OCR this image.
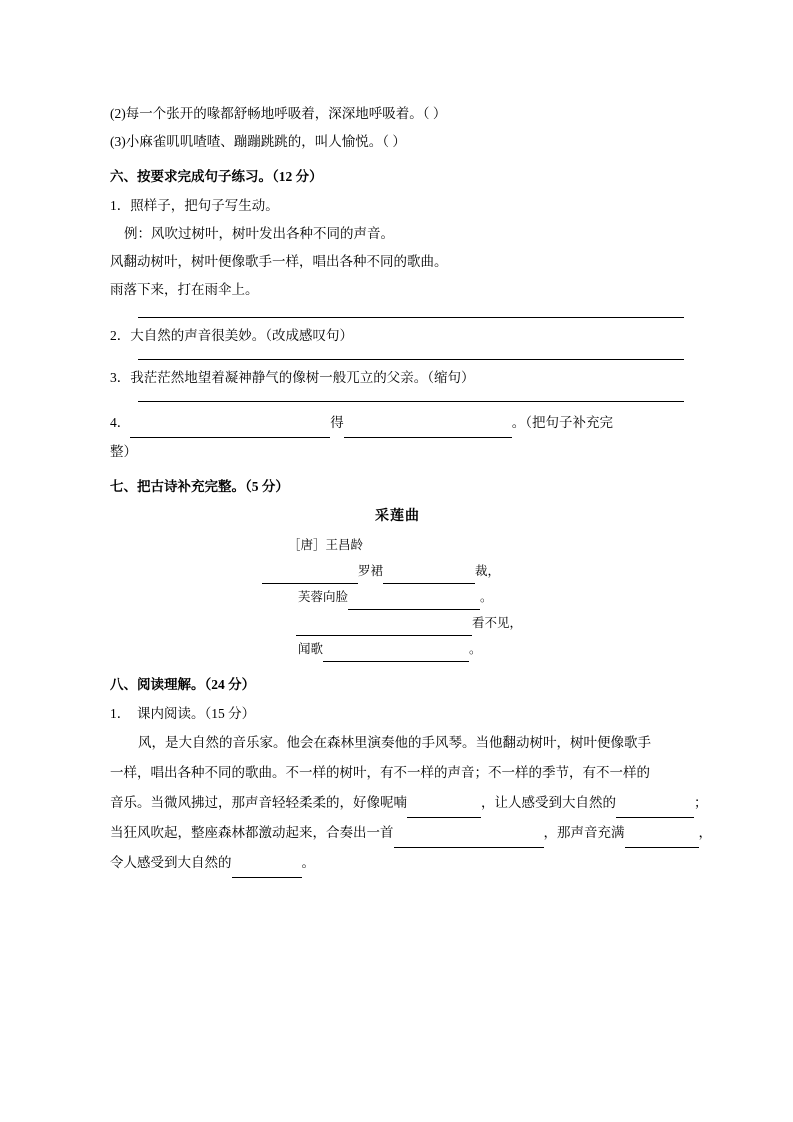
(2)每一个张开的喙都舒畅地呼吸着，深深地呼吸着。（ ）
(3)小麻雀叽叽喳喳、蹦蹦跳跳的，叫人愉悦。（ ）
六、按要求完成句子练习。（12 分）
1．照样子，把句子写生动。
例：风吹过树叶，树叶发出各种不同的声音。
风翻动树叶，树叶便像歌手一样，唱出各种不同的歌曲。
雨落下来，打在雨伞上。
2．大自然的声音很美妙。（改成感叹句）
3．我茫茫然地望着凝神静气的像树一般兀立的父亲。（缩句）
4．	得	。（把句子补充完
整）
七、把古诗补充完整。（5 分）
采莲曲
［唐］王昌龄
罗裙	裁，
芙蓉向脸	。
看不见，
闻歌	。
八、阅读理解。（24 分）
1．　课内阅读。（15 分）
风，是大自然的音乐家。他会在森林里演奏他的手风琴。当他翻动树叶，树叶便像歌手
一样，唱出各种不同的歌曲。不一样的树叶，有不一样的声音；不一样的季节，有不一样的
音乐。当微风拂过，那声音轻轻柔柔的，好像呢喃	，让人感受到大自然的	；
当狂风吹起，整座森林都激动起来，合奏出一首	，那声音充满	，
令人感受到大自然的	。
